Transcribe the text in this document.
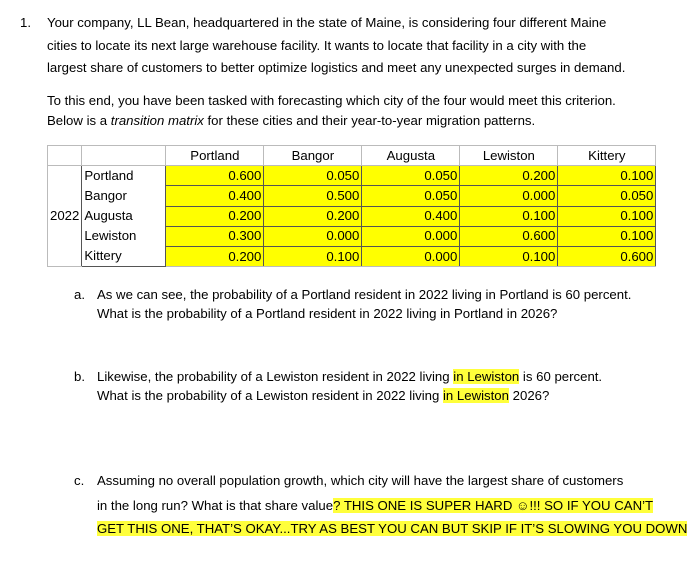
1. Your company, LL Bean, headquartered in the state of Maine, is considering four different Maine
cities to locate its next large warehouse facility. It wants to locate that facility in a city with the
largest share of customers to better optimize logistics and meet any unexpected surges in demand.
To this end, you have been tasked with forecasting which city of the four would meet this criterion.
Below is a transition matrix for these cities and their year-to-year migration patterns.
		Portland	Bangor	Augusta	Lewiston	Kittery
	Portland	0.600	0.050	0.050	0.200	0.100
	Bangor	0.400	0.500	0.050	0.000	0.050
2022	Augusta	0.200	0.200	0.400	0.100	0.100
	Lewiston	0.300	0.000	0.000	0.600	0.100
	Kittery	0.200	0.100	0.000	0.100	0.600
a. As we can see, the probability of a Portland resident in 2022 living in Portland is 60 percent.
What is the probability of a Portland resident in 2022 living in Portland in 2026?
b. Likewise, the probability of a Lewiston resident in 2022 living in Lewiston is 60 percent.
What is the probability of a Lewiston resident in 2022 living in Lewiston 2026?
c. Assuming no overall population growth, which city will have the largest share of customers
in the long run? What is that share value? THIS ONE IS SUPER HARD ☺!!! SO IF YOU CAN’T
GET THIS ONE, THAT’S OKAY...TRY AS BEST YOU CAN BUT SKIP IF IT’S SLOWING YOU DOWN
